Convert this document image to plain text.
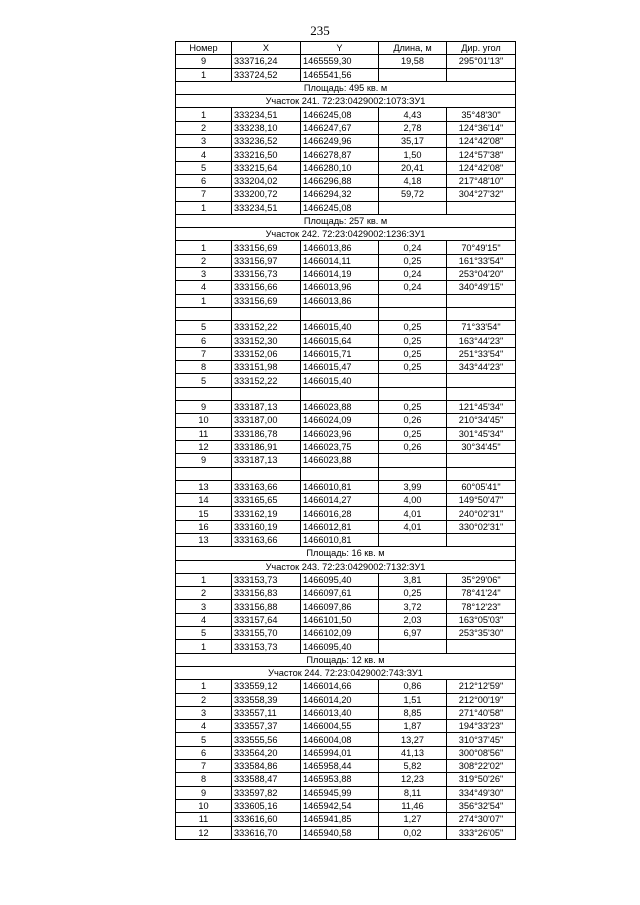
235
Номер	X	Y	Длина, м	Дир. угол
9	333716,24	1465559,30	19,58	295°01'13"
1	333724,52	1465541,56		
Площадь: 495 кв. м				
Участок 241. 72:23:0429002:1073:ЗУ1				
1	333234,51	1466245,08	4,43	35°48'30"
2	333238,10	1466247,67	2,78	124°36'14"
3	333236,52	1466249,96	35,17	124°42'08"
4	333216,50	1466278,87	1,50	124°57'38"
5	333215,64	1466280,10	20,41	124°42'08"
6	333204,02	1466296,88	4,18	217°48'10"
7	333200,72	1466294,32	59,72	304°27'32"
1	333234,51	1466245,08		
Площадь: 257 кв. м				
Участок 242. 72:23:0429002:1236:ЗУ1				
1	333156,69	1466013,86	0,24	70°49'15"
2	333156,97	1466014,11	0,25	161°33'54"
3	333156,73	1466014,19	0,24	253°04'20"
4	333156,66	1466013,96	0,24	340°49'15"
1	333156,69	1466013,86		

5	333152,22	1466015,40	0,25	71°33'54"
6	333152,30	1466015,64	0,25	163°44'23"
7	333152,06	1466015,71	0,25	251°33'54"
8	333151,98	1466015,47	0,25	343°44'23"
5	333152,22	1466015,40		

9	333187,13	1466023,88	0,25	121°45'34"
10	333187,00	1466024,09	0,26	210°34'45"
11	333186,78	1466023,96	0,25	301°45'34"
12	333186,91	1466023,75	0,26	30°34'45"
9	333187,13	1466023,88		

13	333163,66	1466010,81	3,99	60°05'41"
14	333165,65	1466014,27	4,00	149°50'47"
15	333162,19	1466016,28	4,01	240°02'31"
16	333160,19	1466012,81	4,01	330°02'31"
13	333163,66	1466010,81		
Площадь: 16 кв. м				
Участок 243. 72:23:0429002:7132:ЗУ1				
1	333153,73	1466095,40	3,81	35°29'06"
2	333156,83	1466097,61	0,25	78°41'24"
3	333156,88	1466097,86	3,72	78°12'23"
4	333157,64	1466101,50	2,03	163°05'03"
5	333155,70	1466102,09	6,97	253°35'30"
1	333153,73	1466095,40		
Площадь: 12 кв. м				
Участок 244. 72:23:0429002:743:ЗУ1				
1	333559,12	1466014,66	0,86	212°12'59"
2	333558,39	1466014,20	1,51	212°00'19"
3	333557,11	1466013,40	8,85	271°40'58"
4	333557,37	1466004,55	1,87	194°33'23"
5	333555,56	1466004,08	13,27	310°37'45"
6	333564,20	1465994,01	41,13	300°08'56"
7	333584,86	1465958,44	5,82	308°22'02"
8	333588,47	1465953,88	12,23	319°50'26"
9	333597,82	1465945,99	8,11	334°49'30"
10	333605,16	1465942,54	11,46	356°32'54"
11	333616,60	1465941,85	1,27	274°30'07"
12	333616,70	1465940,58	0,02	333°26'05"
